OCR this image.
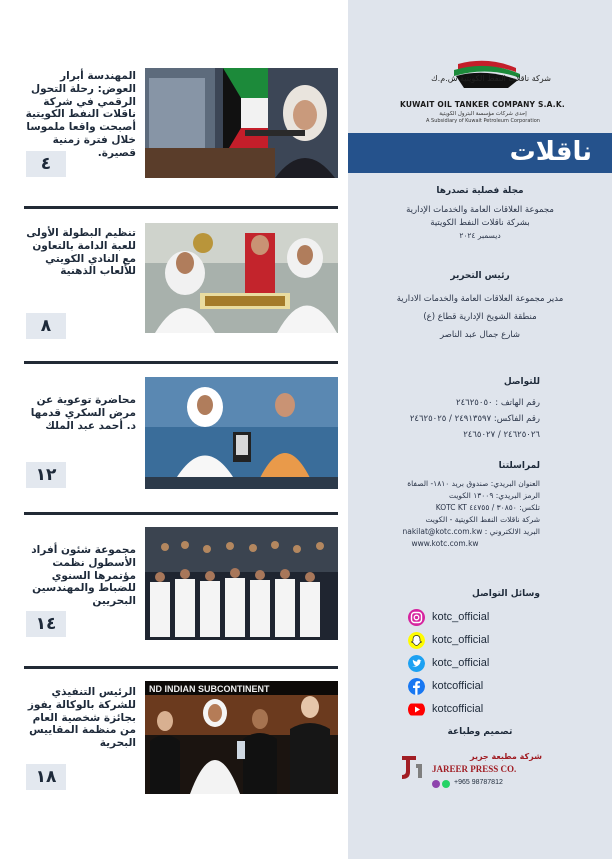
المهندسة أبرار العوض: رحلة التحول الرقمي في شركة ناقلات النفط الكويتية أصبحت واقعا ملموسا خلال فترة زمنية قصيرة.
٤
تنظيم البطولة الأولى للعبة الدامة بالتعاون مع النادي الكويتي للألعاب الذهنية
٨
محاضرة توعوية عن مرض السكري قدمها د. أحمد عبد الملك
١٢
مجموعة شئون أفراد الأسطول نظمت مؤتمرها السنوي للضباط والمهندسين البحريين
١٤
ND INDIAN SUBCONTINENT
الرئيس التنفيذي للشركة بالوكالة يفوز بجائزة شخصية العام من منظمة المقاييس البحرية
١٨
شركة ناقلات النفط الكويتية ش.م.ك
KUWAIT OIL TANKER COMPANY S.A.K.
إحدى شركات مؤسسة البترول الكويتية
A Subsidiary of Kuwait Petroleum Corporation
ناقلات
مجلة فصلية تصدرها
مجموعة العلاقات العامة والخدمات الإدارية
بشركة ناقلات النفط الكويتية
ديسمبر ٢٠٢٤
رئيس التحرير
مدير مجموعة العلاقات العامة والخدمات الادارية
منطقة الشويخ الإدارية قطاع (ع)
شارع جمال عبد الناصر
للتواصل
رقم الهاتف : ٢٤٦٢٥٠٥٠
رقم الفاكس: ٢٤٩١٣٥٩٧ / ٢٤٦٢٥٠٢٥
٢٤٦٢٥٠٢٦ / ٢٤٦٥٠٢٧
لمراسلتنا
العنوان البريدي: صندوق بريد ١٨١٠- الصفاة
الرمز البريدي: ١٣٠٠٩ الكويت
تلكس: ٣٠٨٥٠ / ٤٤٧٥٥ KOTC KT
شركة ناقلات النفط الكويتية - الكويت
البريد الالكتروني : nakilat@kotc.com.kw
www.kotc.com.kw
وسائل التواصل
kotc_official
kotc_official
kotc_official
kotcofficial
kotcofficial
تصميم وطباعة
شركة مطبعة جرير
JAREER PRESS CO.
+965 98787812
